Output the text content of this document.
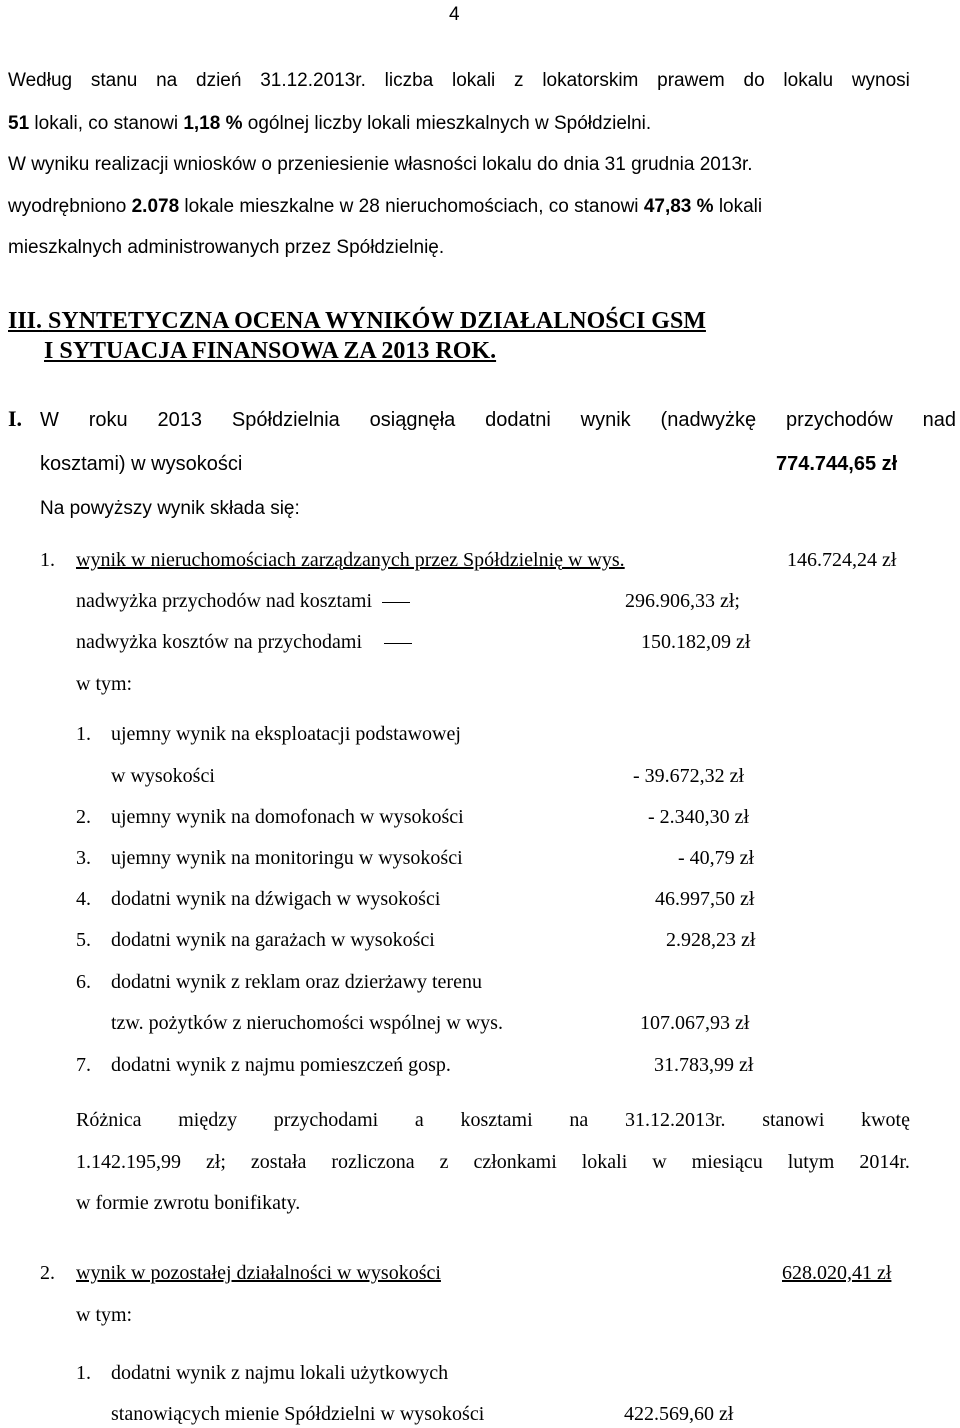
4
Według stanu na dzień 31.12.2013r. liczba lokali z lokatorskim prawem do lokalu wynosi
51 lokali, co stanowi 1,18 % ogólnej liczby lokali mieszkalnych w Spółdzielni.
W wyniku realizacji wniosków o przeniesienie własności lokalu do dnia 31 grudnia 2013r.
wyodrębniono 2.078 lokale mieszkalne w 28 nieruchomościach, co stanowi 47,83 % lokali
mieszkalnych administrowanych przez Spółdzielnię.
III. SYNTETYCZNA OCENA WYNIKÓW DZIAŁALNOŚCI GSM
I SYTUACJA FINANSOWA ZA 2013 ROK.
I. W roku 2013 Spółdzielnia osiągnęła dodatni wynik (nadwyżkę przychodów nad
kosztami) w wysokości	774.744,65 zł
Na powyższy wynik składa się:
1. wynik w nieruchomościach zarządzanych przez Spółdzielnię w wys.	146.724,24 zł
nadwyżka przychodów nad kosztami	296.906,33 zł;
nadwyżka kosztów na przychodami	150.182,09 zł
w tym:
1. ujemny wynik na eksploatacji podstawowej
w wysokości	- 39.672,32 zł
2. ujemny wynik na domofonach w wysokości	- 2.340,30 zł
3. ujemny wynik na monitoringu w wysokości	- 40,79 zł
4. dodatni wynik na dźwigach w wysokości	46.997,50 zł
5. dodatni wynik na garażach w wysokości	2.928,23 zł
6. dodatni wynik z reklam oraz dzierżawy terenu
tzw. pożytków z nieruchomości wspólnej w wys.	107.067,93 zł
7. dodatni wynik z najmu pomieszczeń gosp.	31.783,99 zł
Różnica między przychodami a kosztami na 31.12.2013r. stanowi kwotę
1.142.195,99 zł; została rozliczona z członkami lokali w miesiącu lutym 2014r.
w formie zwrotu bonifikaty.
2. wynik w pozostałej działalności w wysokości	628.020,41 zł
w tym:
1. dodatni wynik z najmu lokali użytkowych
stanowiących mienie Spółdzielni w wysokości	422.569,60 zł
